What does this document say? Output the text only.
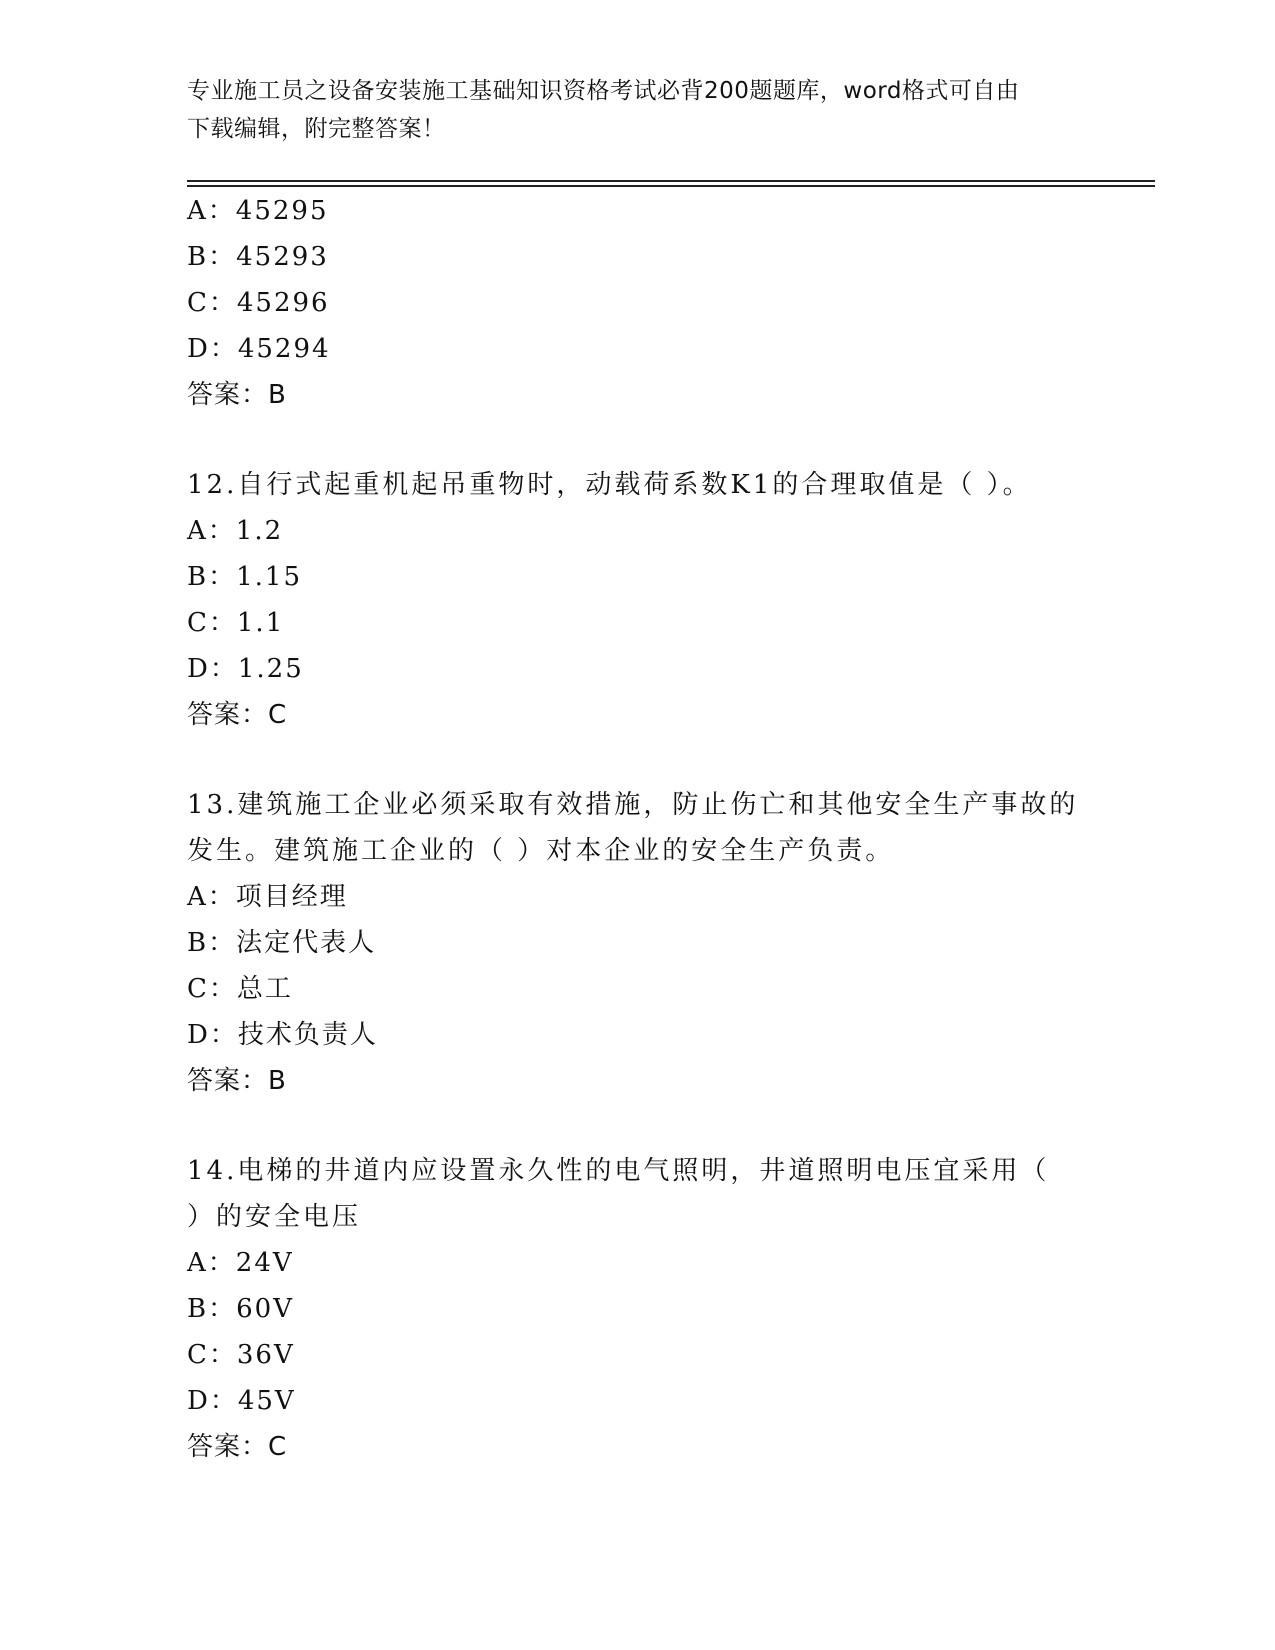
专业施工员之设备安装施工基础知识资格考试必背200题题库，word格式可自由
下载编辑，附完整答案！
A：45295
B：45293
C：45296
D：45294
答案：B
12.自行式起重机起吊重物时，动载荷系数K1的合理取值是（ ）。
A：1.2
B：1.15
C：1.1
D：1.25
答案：C
13.建筑施工企业必须采取有效措施，防止伤亡和其他安全生产事故的
发生。建筑施工企业的（ ）对本企业的安全生产负责。
A：项目经理
B：法定代表人
C：总工
D：技术负责人
答案：B
14.电梯的井道内应设置永久性的电气照明，井道照明电压宜采用（
）的安全电压
A：24V
B：60V
C：36V
D：45V
答案：C
